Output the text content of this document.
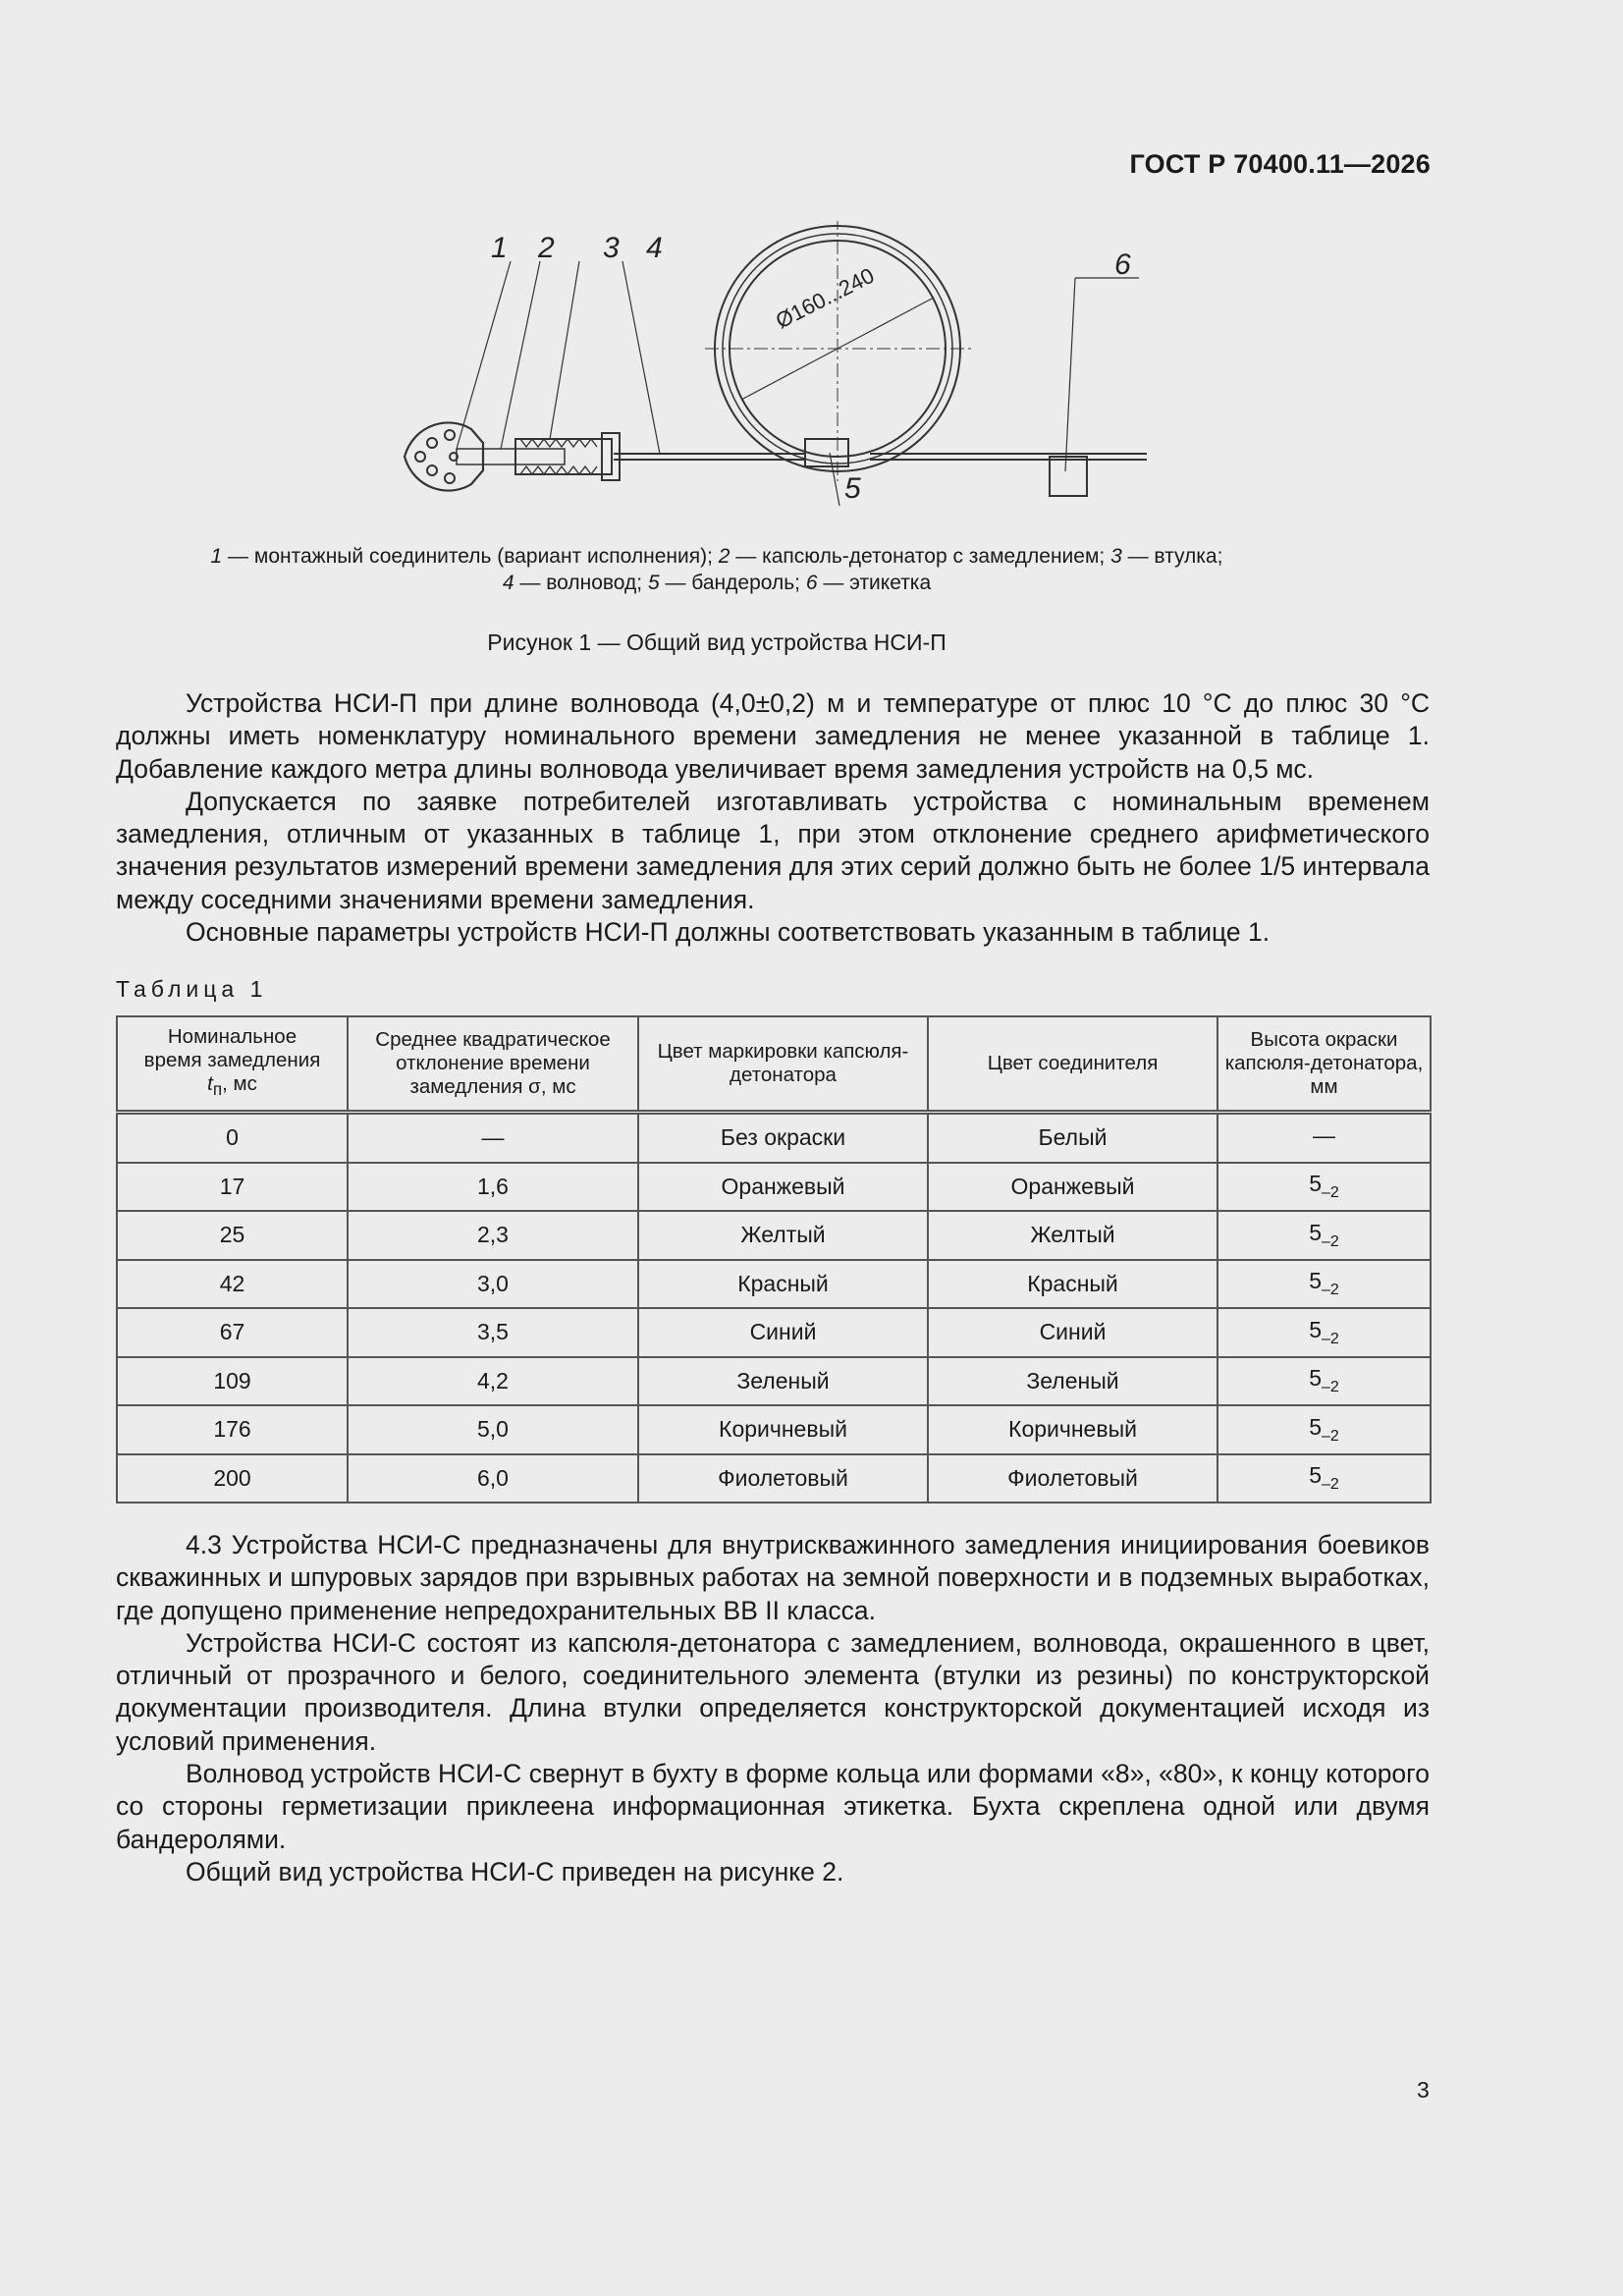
ГОСТ Р 70400.11—2026
1 2 3 4
5
6
Ø160...240
1 — монтажный соединитель (вариант исполнения); 2 — капсюль-детонатор с замедлением; 3 — втулка;
4 — волновод; 5 — бандероль; 6 — этикетка
Рисунок 1 — Общий вид устройства НСИ-П

Устройства НСИ-П при длине волновода (4,0±0,2) м и температуре от плюс 10 °С до плюс 30 °С должны иметь номенклатуру номинального времени замедления не менее указанной в таблице 1. Добавление каждого метра длины волновода увеличивает время замедления устройств на 0,5 мс.

Допускается по заявке потребителей изготавливать устройства с номинальным временем замедления, отличным от указанных в таблице 1, при этом отклонение среднего арифметического значения результатов измерений времени замедления для этих серий должно быть не более 1/5 интервала между соседними значениями времени замедления.

Основные параметры устройств НСИ-П должны соответствовать указанным в таблице 1.

Таблица 1
Номинальное
время замедления
$t_п$, мс	Среднее квадратическое отклонение времени замедления σ, мс	Цвет маркировки капсюля-детонатора	Цвет соединителя	Высота окраски капсюля-детонатора, мм
0	—	Без окраски	Белый	—
17	1,6	Оранжевый	Оранжевый	$5_{-2}$
25	2,3	Желтый	Желтый	$5_{-2}$
42	3,0	Красный	Красный	$5_{-2}$
67	3,5	Синий	Синий	$5_{-2}$
109	4,2	Зеленый	Зеленый	$5_{-2}$
176	5,0	Коричневый	Коричневый	$5_{-2}$
200	6,0	Фиолетовый	Фиолетовый	$5_{-2}$

4.3 Устройства НСИ-С предназначены для внутрискважинного замедления инициирования боевиков скважинных и шпуровых зарядов при взрывных работах на земной поверхности и в подземных выработках, где допущено применение непредохранительных ВВ II класса.

Устройства НСИ-С состоят из капсюля-детонатора с замедлением, волновода, окрашенного в цвет, отличный от прозрачного и белого, соединительного элемента (втулки из резины) по конструкторской документации производителя. Длина втулки определяется конструкторской документацией исходя из условий применения.

Волновод устройств НСИ-С свернут в бухту в форме кольца или формами «8», «80», к концу которого со стороны герметизации приклеена информационная этикетка. Бухта скреплена одной или двумя бандеролями.

Общий вид устройства НСИ-С приведен на рисунке 2.

3
